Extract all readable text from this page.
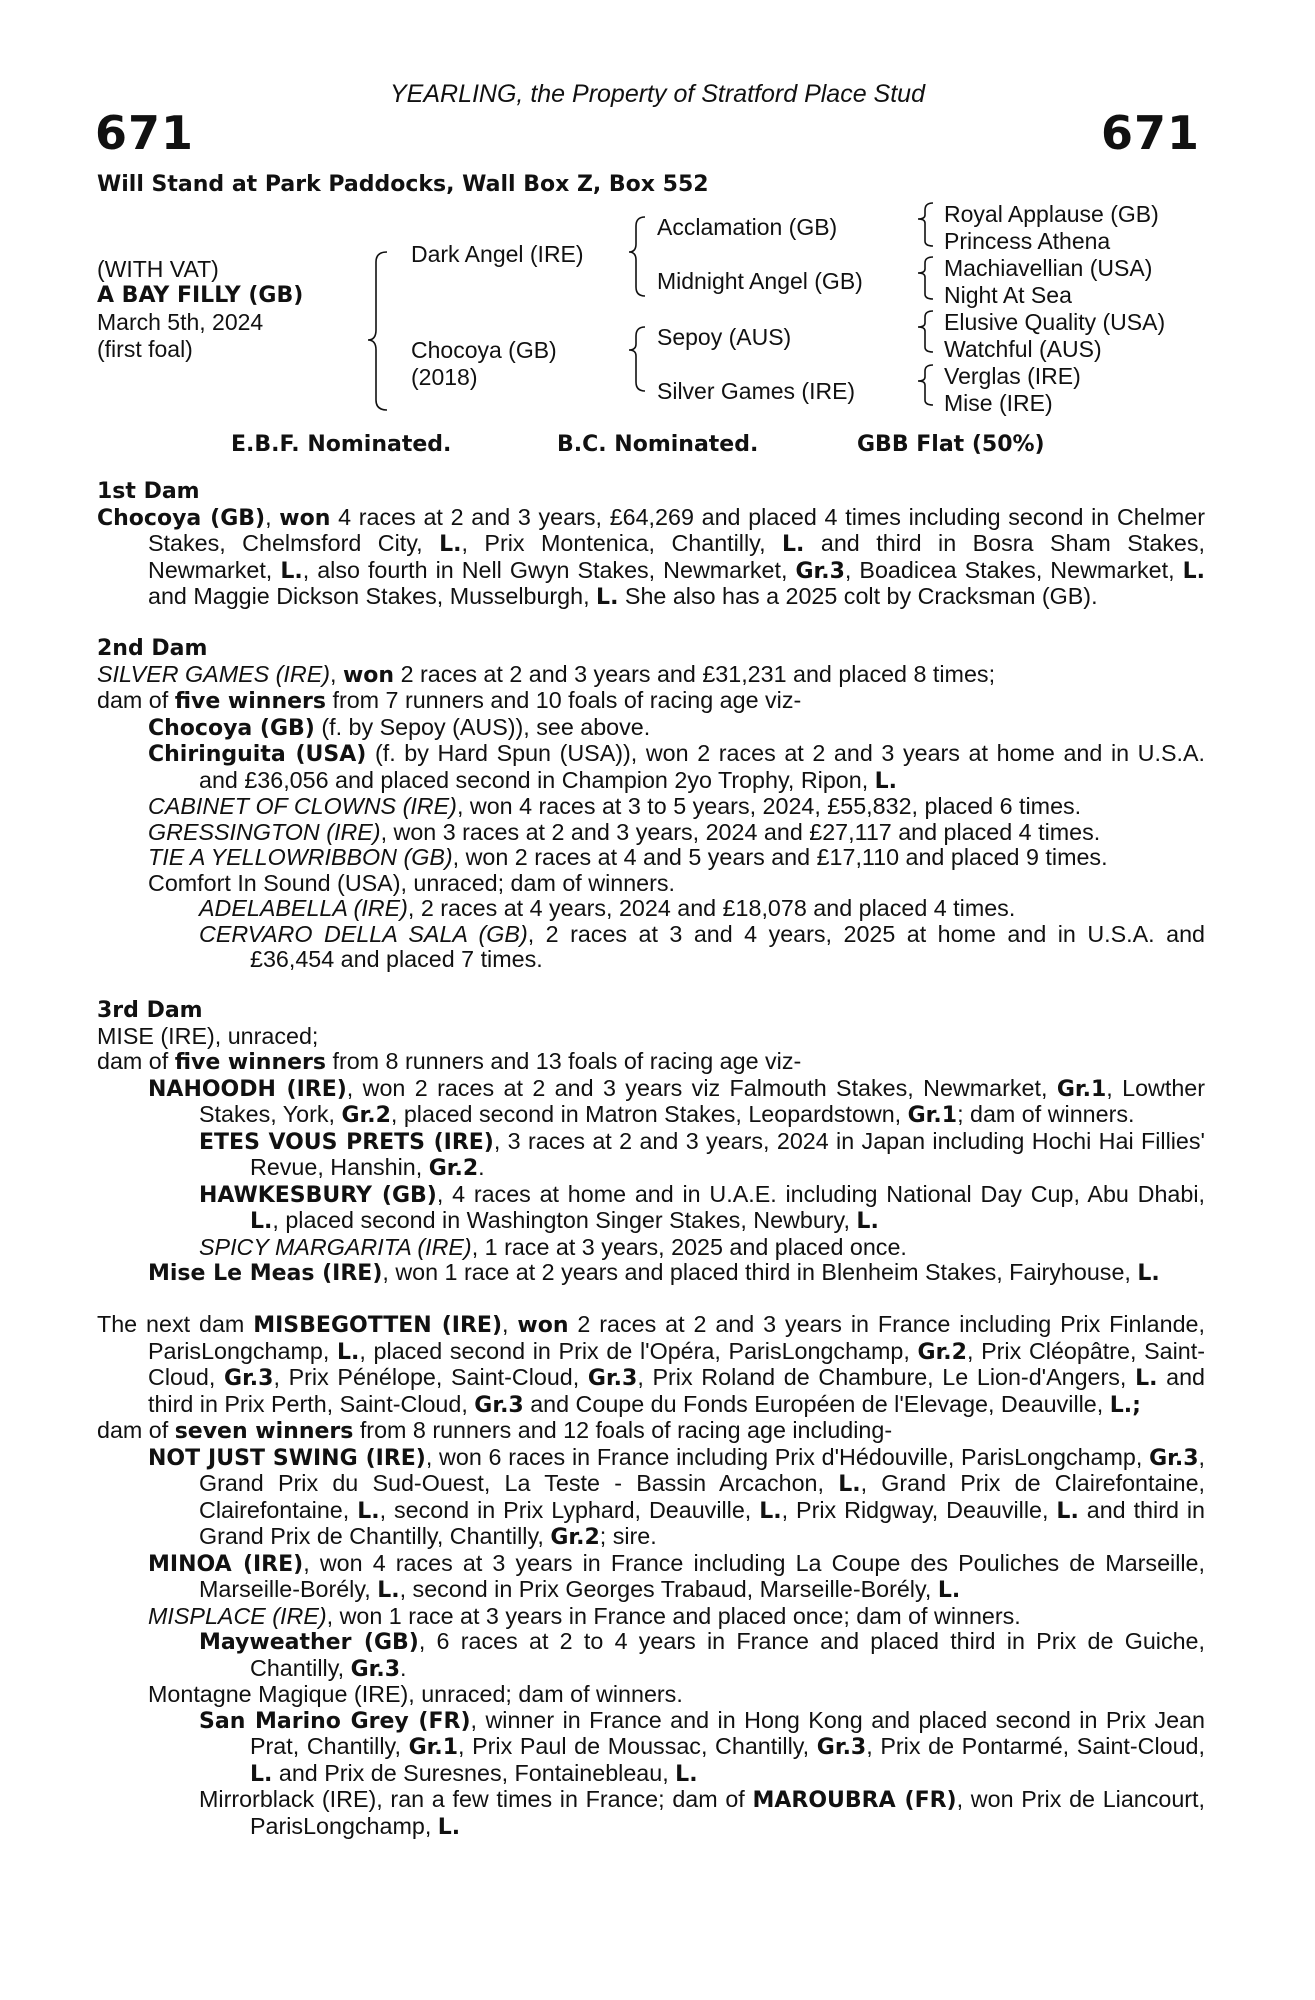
YEARLING, the Property of Stratford Place Stud
671	671
Will Stand at Park Paddocks, Wall Box Z, Box 552
(WITH VAT)
A BAY FILLY (GB)
March 5th, 2024
(first foal)
Dark Angel (IRE)
Chocoya (GB)
(2018)
Acclamation (GB)
Midnight Angel (GB)
Sepoy (AUS)
Silver Games (IRE)
Royal Applause (GB)
Princess Athena
Machiavellian (USA)
Night At Sea
Elusive Quality (USA)
Watchful (AUS)
Verglas (IRE)
Mise (IRE)
E.B.F. Nominated.	B.C. Nominated.	GBB Flat (50%)
1st Dam
Chocoya (GB), won 4 races at 2 and 3 years, £64,269 and placed 4 times including second in Chelmer Stakes, Chelmsford City, L., Prix Montenica, Chantilly, L. and third in Bosra Sham Stakes, Newmarket, L., also fourth in Nell Gwyn Stakes, Newmarket, Gr.3, Boadicea Stakes, Newmarket, L. and Maggie Dickson Stakes, Musselburgh, L. She also has a 2025 colt by Cracksman (GB).
2nd Dam
SILVER GAMES (IRE), won 2 races at 2 and 3 years and £31,231 and placed 8 times;
dam of five winners from 7 runners and 10 foals of racing age viz-
Chocoya (GB) (f. by Sepoy (AUS)), see above.
Chiringuita (USA) (f. by Hard Spun (USA)), won 2 races at 2 and 3 years at home and in U.S.A. and £36,056 and placed second in Champion 2yo Trophy, Ripon, L.
CABINET OF CLOWNS (IRE), won 4 races at 3 to 5 years, 2024, £55,832, placed 6 times.
GRESSINGTON (IRE), won 3 races at 2 and 3 years, 2024 and £27,117 and placed 4 times.
TIE A YELLOWRIBBON (GB), won 2 races at 4 and 5 years and £17,110 and placed 9 times.
Comfort In Sound (USA), unraced; dam of winners.
ADELABELLA (IRE), 2 races at 4 years, 2024 and £18,078 and placed 4 times.
CERVARO DELLA SALA (GB), 2 races at 3 and 4 years, 2025 at home and in U.S.A. and £36,454 and placed 7 times.
3rd Dam
MISE (IRE), unraced;
dam of five winners from 8 runners and 13 foals of racing age viz-
NAHOODH (IRE), won 2 races at 2 and 3 years viz Falmouth Stakes, Newmarket, Gr.1, Lowther Stakes, York, Gr.2, placed second in Matron Stakes, Leopardstown, Gr.1; dam of winners.
ETES VOUS PRETS (IRE), 3 races at 2 and 3 years, 2024 in Japan including Hochi Hai Fillies' Revue, Hanshin, Gr.2.
HAWKESBURY (GB), 4 races at home and in U.A.E. including National Day Cup, Abu Dhabi, L., placed second in Washington Singer Stakes, Newbury, L.
SPICY MARGARITA (IRE), 1 race at 3 years, 2025 and placed once.
Mise Le Meas (IRE), won 1 race at 2 years and placed third in Blenheim Stakes, Fairyhouse, L.
The next dam MISBEGOTTEN (IRE), won 2 races at 2 and 3 years in France including Prix Finlande, ParisLongchamp, L., placed second in Prix de l'Opéra, ParisLongchamp, Gr.2, Prix Cléopâtre, Saint-Cloud, Gr.3, Prix Pénélope, Saint-Cloud, Gr.3, Prix Roland de Chambure, Le Lion-d'Angers, L. and third in Prix Perth, Saint-Cloud, Gr.3 and Coupe du Fonds Européen de l'Elevage, Deauville, L.;
dam of seven winners from 8 runners and 12 foals of racing age including-
NOT JUST SWING (IRE), won 6 races in France including Prix d'Hédouville, ParisLongchamp, Gr.3, Grand Prix du Sud-Ouest, La Teste - Bassin Arcachon, L., Grand Prix de Clairefontaine, Clairefontaine, L., second in Prix Lyphard, Deauville, L., Prix Ridgway, Deauville, L. and third in Grand Prix de Chantilly, Chantilly, Gr.2; sire.
MINOA (IRE), won 4 races at 3 years in France including La Coupe des Pouliches de Marseille, Marseille-Borély, L., second in Prix Georges Trabaud, Marseille-Borély, L.
MISPLACE (IRE), won 1 race at 3 years in France and placed once; dam of winners.
Mayweather (GB), 6 races at 2 to 4 years in France and placed third in Prix de Guiche, Chantilly, Gr.3.
Montagne Magique (IRE), unraced; dam of winners.
San Marino Grey (FR), winner in France and in Hong Kong and placed second in Prix Jean Prat, Chantilly, Gr.1, Prix Paul de Moussac, Chantilly, Gr.3, Prix de Pontarmé, Saint-Cloud, L. and Prix de Suresnes, Fontainebleau, L.
Mirrorblack (IRE), ran a few times in France; dam of MAROUBRA (FR), won Prix de Liancourt, ParisLongchamp, L.
